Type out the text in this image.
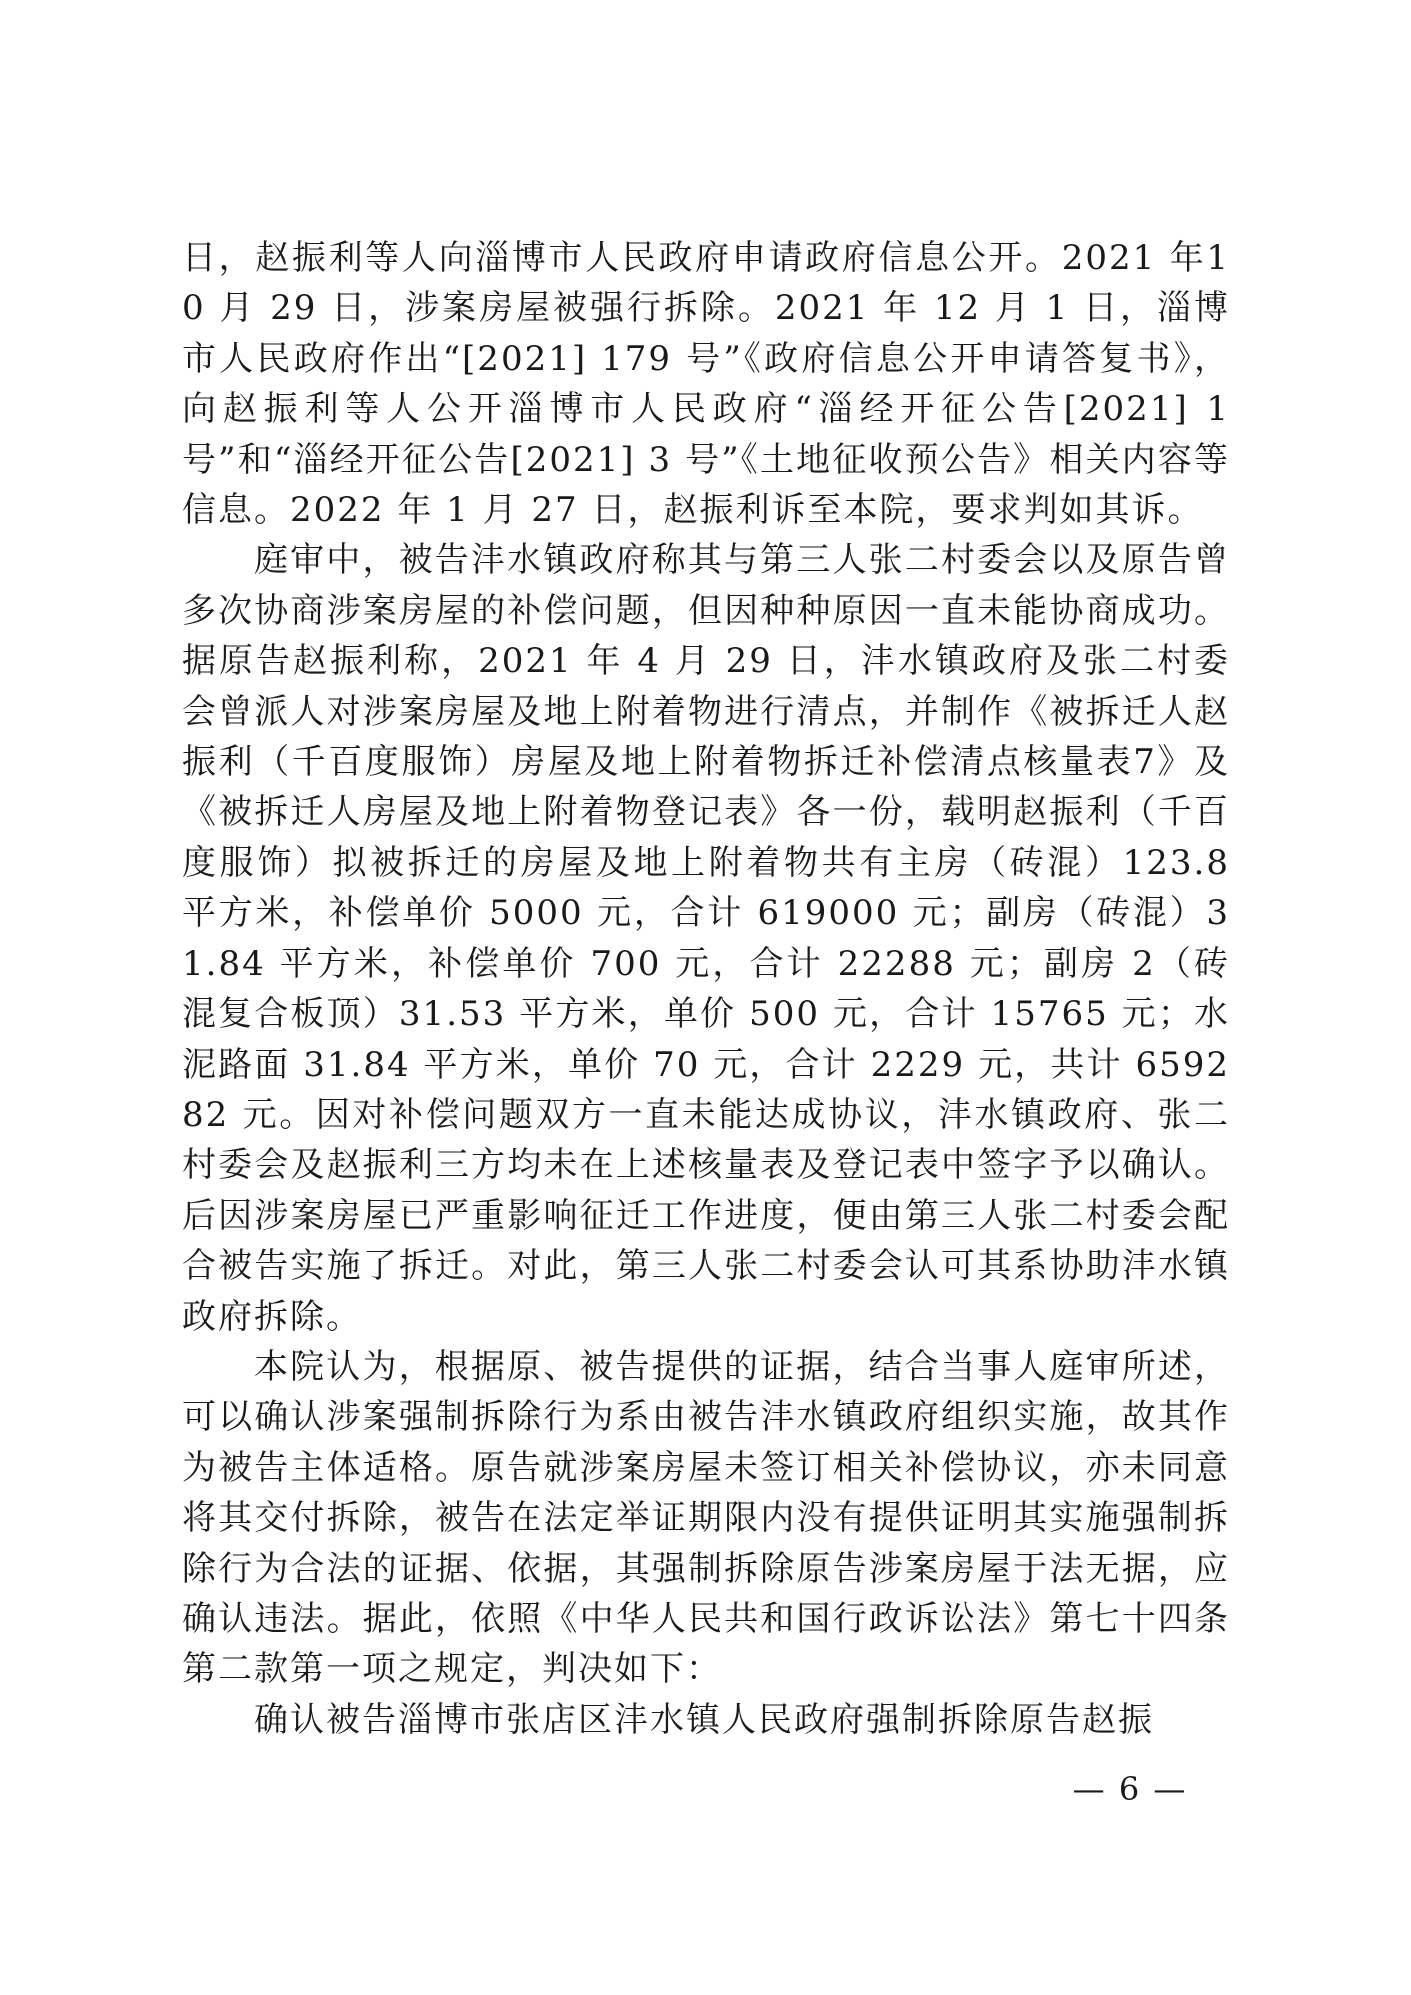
日，赵振利等人向淄博市人民政府申请政府信息公开。2021 年10 月 29 日，涉案房屋被强行拆除。2021 年 12 月 1 日，淄博市人民政府作出“[2021] 179 号”《政府信息公开申请答复书》，向赵振利等人公开淄博市人民政府“淄经开征公告[2021] 1 号”和“淄经开征公告[2021] 3 号”《土地征收预公告》相关内容等信息。2022 年 1 月 27 日，赵振利诉至本院，要求判如其诉。
庭审中，被告沣水镇政府称其与第三人张二村委会以及原告曾多次协商涉案房屋的补偿问题，但因种种原因一直未能协商成功。据原告赵振利称，2021 年 4 月 29 日，沣水镇政府及张二村委会曾派人对涉案房屋及地上附着物进行清点，并制作《被拆迁人赵振利（千百度服饰）房屋及地上附着物拆迁补偿清点核量表7》及《被拆迁人房屋及地上附着物登记表》各一份，载明赵振利（千百度服饰）拟被拆迁的房屋及地上附着物共有主房（砖混）123.8 平方米，补偿单价 5000 元，合计 619000 元；副房（砖混）31.84 平方米，补偿单价 700 元，合计 22288 元；副房 2（砖混复合板顶）31.53 平方米，单价 500 元，合计 15765 元；水泥路面 31.84 平方米，单价 70 元，合计 2229 元，共计 659282 元。因对补偿问题双方一直未能达成协议，沣水镇政府、张二村委会及赵振利三方均未在上述核量表及登记表中签字予以确认。后因涉案房屋已严重影响征迁工作进度，便由第三人张二村委会配合被告实施了拆迁。对此，第三人张二村委会认可其系协助沣水镇政府拆除。
本院认为，根据原、被告提供的证据，结合当事人庭审所述，可以确认涉案强制拆除行为系由被告沣水镇政府组织实施，故其作为被告主体适格。原告就涉案房屋未签订相关补偿协议，亦未同意将其交付拆除，被告在法定举证期限内没有提供证明其实施强制拆除行为合法的证据、依据，其强制拆除原告涉案房屋于法无据，应确认违法。据此，依照《中华人民共和国行政诉讼法》第七十四条第二款第一项之规定，判决如下：
确认被告淄博市张店区沣水镇人民政府强制拆除原告赵振
— 6 —
